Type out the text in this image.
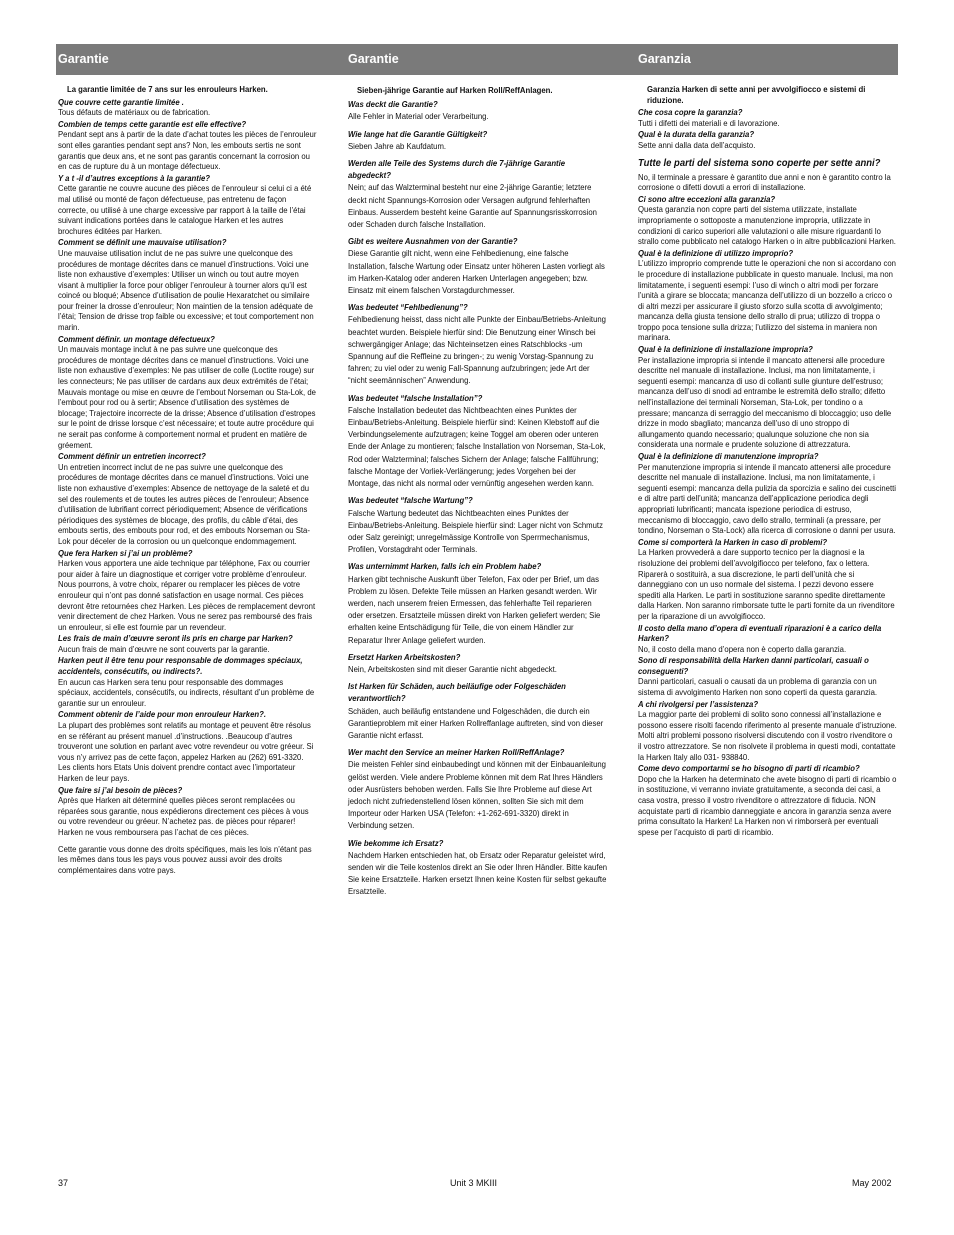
Garantie	Garantie	Garanzia

La garantie limitée de 7 ans sur les enrouleurs Harken.

Que couvre cette garantie limitée .

Tous défauts de matériaux ou de fabrication.

Combien de temps cette garantie est elle effective?

Pendant sept ans à partir de la date d’achat toutes les pièces de l’enrouleur sont elles garanties pendant sept ans? Non, les embouts sertis ne sont garantis que deux ans, et ne sont pas garantis concernant la corrosion ou en cas de rupture du à un montage défectueux.

Y a t -il d’autres exceptions à la garantie?

Cette garantie ne couvre aucune des pièces de l’enrouleur si celui ci a été mal utilisé ou monté de façon défectueuse, pas entretenu de façon correcte, ou utilisé à une charge excessive par rapport à la taille de l’étai suivant indications portées dans le catalogue Harken et les autres brochures éditées par Harken.

Comment se définit une mauvaise utilisation?

Une mauvaise utilisation inclut de ne pas suivre une quelconque des procédures de montage décrites dans ce manuel d’instructions. Voici une liste non exhaustive d’exemples: Utiliser un winch ou tout autre moyen visant à multiplier la force pour obliger l’enrouleur à tourner alors qu’il est coincé ou bloqué; Absence d’utilisation de poulie Hexaratchet ou similaire pour freiner la drosse d’enrouleur; Non maintien de la tension adéquate de l’étai; Tension de drisse trop faible ou excessive; et tout comportement non marin.

Comment définir. un montage défectueux?

Un mauvais montage inclut à ne pas suivre une quelconque des procédures de montage décrites dans ce manuel d’instructions. Voici une liste non exhaustive d’exemples: Ne pas utiliser de colle (Loctite rouge) sur les connecteurs; Ne pas utiliser de cardans aux deux extrémités de l’étai; Mauvais montage ou mise en œuvre de l’embout Norseman ou Sta-Lok, de l’embout pour rod ou à sertir; Absence d’utilisation des systèmes de blocage; Trajectoire incorrecte de la drisse; Absence d’utilisation d’estropes sur le point de drisse lorsque c’est nécessaire; et toute autre procédure qui ne serait pas conforme à comportement normal et prudent en matière de gréement.

Comment définir un entretien incorrect?

Un entretien incorrect inclut de ne pas suivre une quelconque des procédures de montage décrites dans ce manuel d’instructions. Voici une liste non exhaustive d’exemples: Absence de nettoyage de la saleté et du sel des roulements et de toutes les autres pièces de l’enrouleur; Absence d’utilisation de lubrifiant correct périodiquement; Absence de vérifications périodiques des systèmes de blocage, des profils, du câble d’étai, des embouts sertis, des embouts pour rod, et des embouts Norseman ou Sta-Lok pour déceler de la corrosion ou un quelconque endommagement.

Que fera Harken si j’ai un problème?

Harken vous apportera une aide technique par téléphone, Fax ou courrier pour aider à faire un diagnostique et corriger votre problème d’enrouleur. Nous pourrons, à votre choix, réparer ou remplacer les pièces de votre enrouleur qui n’ont pas donné satisfaction en usage normal. Ces pièces devront être retournées chez Harken. Les pièces de remplacement devront venir directement de chez Harken. Vous ne serez pas remboursé des frais un enrouleur, si elle est fournie par un revendeur.

Les frais de main d’œuvre seront ils pris en charge par Harken?

Aucun frais de main d’œuvre ne sont couverts par la garantie.

Harken peut il être tenu pour responsable de dommages spéciaux, accidentels, consécutifs, ou indirects?.

En aucun cas Harken sera tenu pour responsable des dommages spéciaux, accidentels, consécutifs, ou indirects, résultant d’un problème de garantie sur un enrouleur.

Comment obtenir de l’aide pour mon enrouleur Harken?.

La plupart des problèmes sont relatifs au montage et peuvent être résolus en se référant au présent manuel .d’instructions. .Beaucoup d’autres trouveront une solution en parlant avec votre revendeur ou votre gréeur. Si vous n’y arrivez pas de cette façon, appelez Harken au (262) 691-3320. Les clients hors Etats Unis doivent prendre contact avec l’importateur Harken de leur pays.

Que faire si j’ai besoin de pièces?

Après que Harken ait déterminé quelles pièces seront remplacées ou réparées sous garantie, nous expédierons directement ces pièces à vous ou votre revendeur ou gréeur. N’achetez pas. de pièces pour réparer! Harken ne vous remboursera pas l’achat de ces pièces.

Cette garantie vous donne des droits spécifiques, mais les lois n’étant pas les mêmes dans tous les pays vous pouvez aussi avoir des droits complémentaires dans votre pays.

Sieben-jährige Garantie auf Harken Roll/ReffAnlagen.

Was deckt die Garantie?

Alle Fehler in Material oder Verarbeitung.

Wie lange hat die Garantie Gültigkeit?

Sieben Jahre ab Kaufdatum.

Werden alle Teile des Systems durch die 7-jährige Garantie abgedeckt?

Nein; auf das Walzterminal besteht nur eine 2-jährige Garantie; letztere deckt nicht Spannungs-Korrosion oder Versagen aufgrund fehlerhaften Einbaus. Ausserdem besteht keine Garantie auf Spannungsrisskorrosion oder Schaden durch falsche Installation.

Gibt es weitere Ausnahmen von der Garantie?

Diese Garantie gilt nicht, wenn eine Fehlbedienung, eine falsche Installation, falsche Wartung oder Einsatz unter höheren Lasten vorliegt als im Harken-Katalog oder anderen Harken Unterlagen angegeben; bzw. Einsatz mit einem falschen Vorstagdurchmesser.

Was bedeutet “Fehlbedienung”?

Fehlbedienung heisst, dass nicht alle Punkte der Einbau/Betriebs-Anleitung beachtet wurden. Beispiele hierfür sind: Die Benutzung einer Winsch bei schwergängiger Anlage; das Nichteinsetzen eines Ratschblocks -um Spannung auf die Reffleine zu bringen-; zu wenig Vorstag-Spannung zu fahren; zu viel oder zu wenig Fall-Spannung aufzubringen; jede Art der “nicht seemännischen” Anwendung.

Was bedeutet “falsche Installation”?

Falsche Installation bedeutet das Nichtbeachten eines Punktes der Einbau/Betriebs-Anleitung. Beispiele hierfür sind: Keinen Klebstoff auf die Verbindungselemente aufzutragen; keine Toggel am oberen oder unteren Ende der Anlage zu montieren; falsche Installation von Norseman, Sta-Lok, Rod oder Walzterminal; falsches Sichern der Anlage; falsche Fallführung; falsche Montage der Vorliek-Verlängerung; jedes Vorgehen bei der Montage, das nicht als normal oder vernünftig angesehen werden kann.

Was bedeutet “falsche Wartung”?

Falsche Wartung bedeutet das Nichtbeachten eines Punktes der Einbau/Betriebs-Anleitung. Beispiele hierfür sind: Lager nicht von Schmutz oder Salz gereinigt; unregelmässige Kontrolle von Sperrmechanismus, Profilen, Vorstagdraht oder Terminals.

Was unternimmt Harken, falls ich ein Problem habe?

Harken gibt technische Auskunft über Telefon, Fax oder per Brief, um das Problem zu lösen. Defekte Teile müssen an Harken gesandt werden. Wir werden, nach unserem freien Ermessen, das fehlerhafte Teil reparieren oder ersetzen. Ersatzteile müssen direkt von Harken geliefert werden; Sie erhalten keine Entschädigung für Teile, die von einem Händler zur Reparatur Ihrer Anlage geliefert wurden.

Ersetzt Harken Arbeitskosten?

Nein, Arbeitskosten sind mit dieser Garantie nicht abgedeckt.

Ist Harken für Schäden, auch beiläufige oder Folgeschäden verantwortlich?

Schäden, auch beiläufig entstandene und Folgeschäden, die durch ein Garantieproblem mit einer Harken Rollreffanlage auftreten, sind von dieser Garantie nicht erfasst.

Wer macht den Service an meiner Harken Roll/ReffAnlage?

Die meisten Fehler sind einbaubedingt und können mit der Einbauanleitung gelöst werden. Viele andere Probleme können mit dem Rat Ihres Händlers oder Ausrüsters behoben werden. Falls Sie Ihre Probleme auf diese Art jedoch nicht zufriedenstellend lösen können, sollten Sie sich mit dem Importeur oder Harken USA (Telefon: +1-262-691-3320) direkt in Verbindung setzen.

Wie bekomme ich Ersatz?

Nachdem Harken entschieden hat, ob Ersatz oder Reparatur geleistet wird, senden wir die Teile kostenlos direkt an Sie oder Ihren Händler. Bitte kaufen Sie keine Ersatzteile. Harken ersetzt Ihnen keine Kosten für selbst gekaufte Ersatzteile.

Garanzia Harken di sette anni per avvolgifiocco e sistemi di riduzione.

Che cosa copre la garanzia?

Tutti i difetti dei materiali e di lavorazione.

Qual è la durata della garanzia?

Sette anni dalla data dell’acquisto.

Tutte le parti del sistema sono coperte per sette anni?

No, il terminale a pressare è garantito due anni e non è garantito contro la corrosione o difetti dovuti a errori di installazione.

Ci sono altre eccezioni alla garanzia?

Questa garanzia non copre parti del sistema utilizzate, installate impropriamente o sottoposte a manutenzione impropria, utilizzate in condizioni di carico superiori alle valutazioni o alle misure riguardanti lo strallo come pubblicato nel catalogo Harken o in altre pubblicazioni Harken.

Qual è la definizione di utilizzo improprio?

L’utilizzo improprio comprende tutte le operazioni che non si accordano con le procedure di installazione pubblicate in questo manuale. Inclusi, ma non limitatamente, i seguenti esempi: l’uso di winch o altri modi per forzare l’unità a girare se bloccata; mancanza dell’utilizzo di un bozzello a cricco o di altri mezzi per assicurare il giusto sforzo sulla scotta di avvolgimento; mancanza della giusta tensione dello strallo di prua; utilizzo di troppa o troppo poca tensione sulla drizza; l’utilizzo del sistema in maniera non marinara.

Qual è la definizione di installazione impropria?

Per installazione impropria si intende il mancato attenersi alle procedure descritte nel manuale di installazione. Inclusi, ma non limitatamente, i seguenti esempi: mancanza di uso di collanti sulle giunture dell’estruso; mancanza dell’uso di snodi ad entrambe le estremità dello strallo; difetto nell’installazione dei terminali Norseman, Sta-Lok, per tondino o a pressare; mancanza di serraggio del meccanismo di bloccaggio; uso delle drizze in modo sbagliato; mancanza dell’uso di uno stroppo di allungamento quando necessario; qualunque soluzione che non sia considerata una normale e prudente soluzione di attrezzatura.

Qual è la definizione di manutenzione impropria?

Per manutenzione impropria si intende il mancato attenersi alle procedure descritte nel manuale di installazione. Inclusi, ma non limitatamente, i seguenti esempi: mancanza della pulizia da sporcizia e salino dei cuscinetti e di altre parti dell’unità; mancanza dell’applicazione periodica degli appropriati lubrificanti; mancata ispezione periodica di estruso, meccanismo di bloccaggio, cavo dello strallo, terminali (a pressare, per tondino, Norseman o Sta-Lock) alla ricerca di corrosione o danni per usura.

Come si comporterà la Harken in caso di problemi?

La Harken provvederà a dare supporto tecnico per la diagnosi e la risoluzione dei problemi dell’avvolgifiocco per telefono, fax o lettera. Riparerà o sostituirà, a sua discrezione, le parti dell’unità che si danneggiano con un uso normale del sistema. I pezzi devono essere spediti alla Harken. Le parti in sostituzione saranno spedite direttamente dalla Harken. Non saranno rimborsate tutte le parti fornite da un rivenditore per la riparazione di un avvolgifiocco.

Il costo della mano d’opera di eventuali riparazioni è a carico della Harken?

No, il costo della mano d’opera non è coperto dalla garanzia.

Sono di responsabilità della Harken danni particolari, casuali o conseguenti?

Danni particolari, casuali o causati da un problema di garanzia con un sistema di avvolgimento Harken non sono coperti da questa garanzia.

A chi rivolgersi per l’assistenza?

La maggior parte dei problemi di solito sono connessi all’installazione e possono essere risolti facendo riferimento al presente manuale d’istruzione. Molti altri problemi possono risolversi discutendo con il vostro rivenditore o il vostro attrezzatore. Se non risolvete il problema in questi modi, contattate la Harken Italy allo 031- 938840.

Come devo comportarmi se ho bisogno di parti di ricambio?

Dopo che la Harken ha determinato che avete bisogno di parti di ricambio o in sostituzione, vi verranno inviate gratuitamente, a seconda dei casi, a casa vostra, presso il vostro rivenditore o attrezzatore di fiducia. NON acquistate parti di ricambio danneggiate e ancora in garanzia senza avere prima consultato la Harken! La Harken non vi rimborserà per eventuali spese per l’acquisto di parti di ricambio.

37	Unit 3 MKIII	May 2002
